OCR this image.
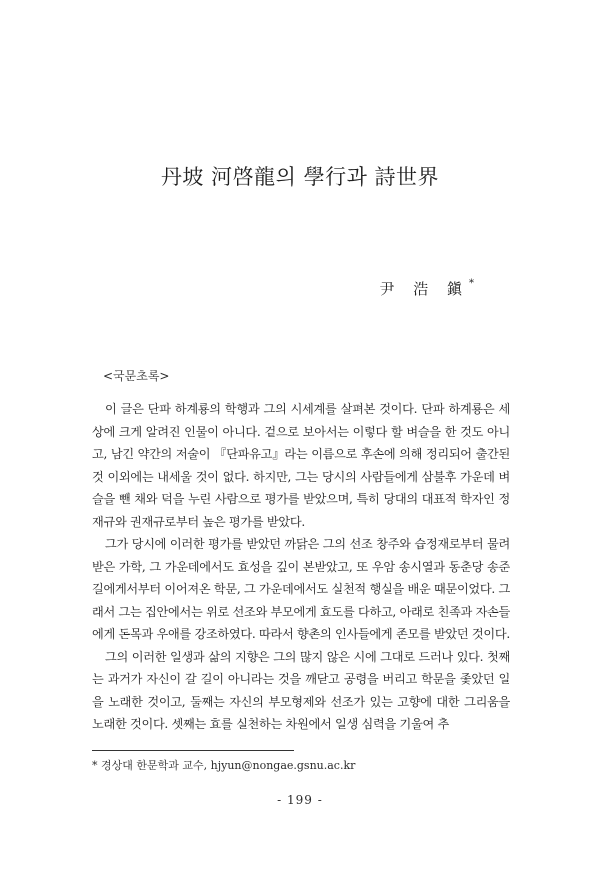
丹坡 河啓龍의 學行과 詩世界
尹 浩 鎭*
<국문초록>

이 글은 단파 하계룡의 학행과 그의 시세계를 살펴본 것이다. 단파 하계룡은 세상에 크게 알려진 인물이 아니다. 겉으로 보아서는 이렇다 할 벼슬을 한 것도 아니고, 남긴 약간의 저술이 『단파유고』라는 이름으로 후손에 의해 정리되어 출간된 것 이외에는 내세울 것이 없다. 하지만, 그는 당시의 사람들에게 삼불후 가운데 벼슬을 뺀 채와 덕을 누린 사람으로 평가를 받았으며, 특히 당대의 대표적 학자인 정재규와 권재규로부터 높은 평가를 받았다.

그가 당시에 이러한 평가를 받았던 까닭은 그의 선조 창주와 습정재로부터 물려받은 가학, 그 가운데에서도 효성을 깊이 본받았고, 또 우암 송시열과 동춘당 송준길에게서부터 이어져온 학문, 그 가운데에서도 실천적 행실을 배운 때문이었다. 그래서 그는 집안에서는 위로 선조와 부모에게 효도를 다하고, 아래로 친족과 자손들에게 돈목과 우애를 강조하였다. 따라서 향촌의 인사들에게 존모를 받았던 것이다.

그의 이러한 일생과 삶의 지향은 그의 많지 않은 시에 그대로 드러나 있다. 첫째는 과거가 자신이 갈 길이 아니라는 것을 깨닫고 공령을 버리고 학문을 좇았던 일을 노래한 것이고, 둘째는 자신의 부모형제와 선조가 있는 고향에 대한 그리움을 노래한 것이다. 셋째는 효를 실천하는 차원에서 일생 심력을 기울여 추

* 경상대 한문학과 교수, hjyun@nongae.gsnu.ac.kr
- 199 -
